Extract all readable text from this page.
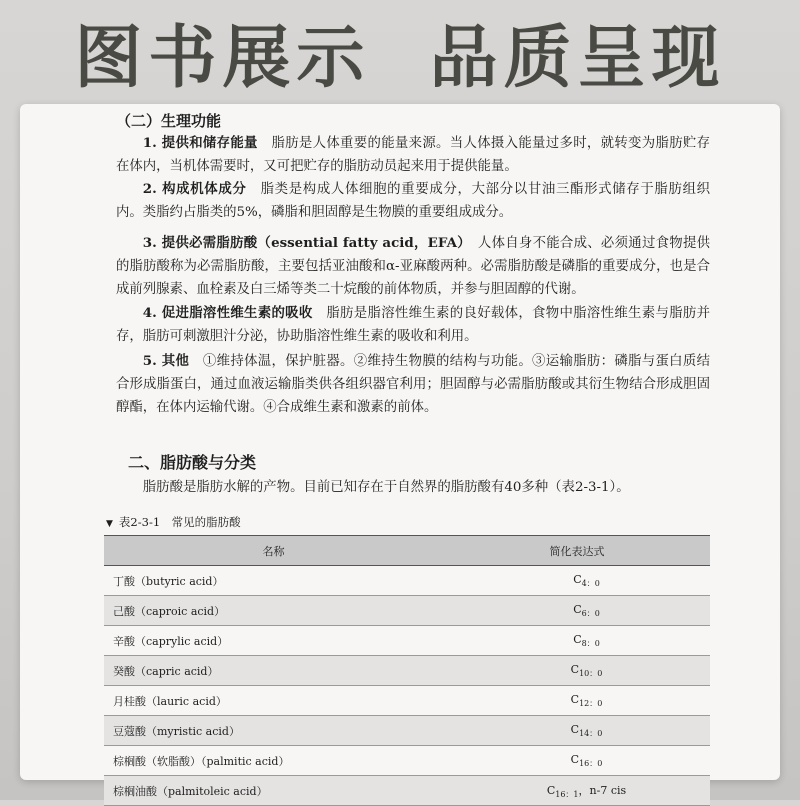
图书展示  品质呈现
（二）生理功能

1. 提供和储存能量　 脂肪是人体重要的能量来源。当人体摄入能量过多时，就转变为脂肪贮存在体内，当机体需要时，又可把贮存的脂肪动员起来用于提供能量。

2. 构成机体成分　 脂类是构成人体细胞的重要成分，大部分以甘油三酯形式储存于脂肪组织内。类脂约占脂类的5%，磷脂和胆固醇是生物膜的重要组成成分。

3. 提供必需脂肪酸（essential fatty acid，EFA）　 人体自身不能合成、必须通过食物提供的脂肪酸称为必需脂肪酸，主要包括亚油酸和α-亚麻酸两种。必需脂肪酸是磷脂的重要成分，也是合成前列腺素、血栓素及白三烯等类二十烷酸的前体物质，并参与胆固醇的代谢。

4. 促进脂溶性维生素的吸收　 脂肪是脂溶性维生素的良好载体，食物中脂溶性维生素与脂肪并存，脂肪可刺激胆汁分泌，协助脂溶性维生素的吸收和利用。

5. 其他　 ①维持体温，保护脏器。②维持生物膜的结构与功能。③运输脂肪：磷脂与蛋白质结合形成脂蛋白，通过血液运输脂类供各组织器官利用；胆固醇与必需脂肪酸或其衍生物结合形成胆固醇酯，在体内运输代谢。④合成维生素和激素的前体。

二、脂肪酸与分类

脂肪酸是脂肪水解的产物。目前已知存在于自然界的脂肪酸有40多种（表2-3-1）。

▼ 表2-3-1　常见的脂肪酸
名称	简化表达式
丁酸（butyric acid）	$C_{4:0}$
己酸（caproic acid）	$C_{6:0}$
辛酸（caprylic acid）	$C_{8:0}$
癸酸（capric acid）	$C_{10:0}$
月桂酸（lauric acid）	$C_{12:0}$
豆蔻酸（myristic acid）	$C_{14:0}$
棕榈酸（软脂酸）（palmitic acid）	$C_{16:0}$
棕榈油酸（palmitoleic acid）	$C_{16:1}$，n-7 cis
